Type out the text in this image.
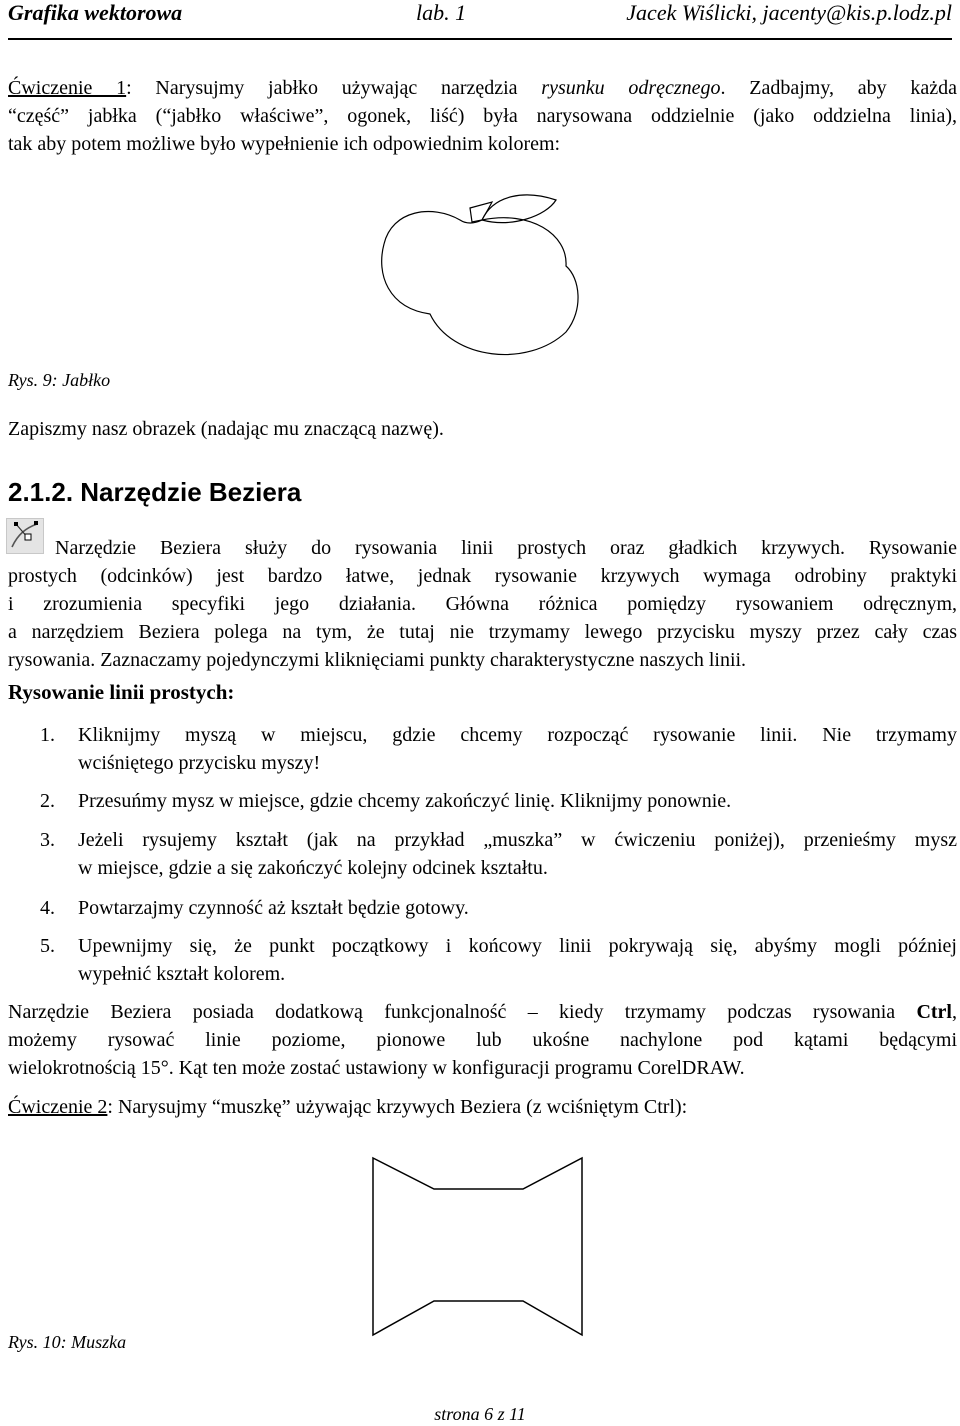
Grafika wektorowa	lab. 1	Jacek Wiślicki, jacenty@kis.p.lodz.pl
Ćwiczenie 1: Narysujmy jabłko używając narzędzia rysunku odręcznego. Zadbajmy, aby każda
“część” jabłka (“jabłko właściwe”, ogonek, liść) była narysowana oddzielnie (jako oddzielna linia),
tak aby potem możliwe było wypełnienie ich odpowiednim kolorem:
Rys. 9: Jabłko
Zapiszmy nasz obrazek (nadając mu znaczącą nazwę).
2.1.2. Narzędzie Beziera
Narzędzie Beziera służy do rysowania linii prostych oraz gładkich krzywych. Rysowanie
prostych (odcinków) jest bardzo łatwe, jednak rysowanie krzywych wymaga odrobiny praktyki
i zrozumienia specyfiki jego działania. Główna różnica pomiędzy rysowaniem odręcznym,
a narzędziem Beziera polega na tym, że tutaj nie trzymamy lewego przycisku myszy przez cały czas
rysowania. Zaznaczamy pojedynczymi kliknięciami punkty charakterystyczne naszych linii.
Rysowanie linii prostych:
1. Kliknijmy myszą w miejscu, gdzie chcemy rozpocząć rysowanie linii. Nie trzymamy
wciśniętego przycisku myszy!
2. Przesuńmy mysz w miejsce, gdzie chcemy zakończyć linię. Kliknijmy ponownie.
3. Jeżeli rysujemy kształt (jak na przykład „muszka” w ćwiczeniu poniżej), przenieśmy mysz
w miejsce, gdzie a się zakończyć kolejny odcinek kształtu.
4. Powtarzajmy czynność aż kształt będzie gotowy.
5. Upewnijmy się, że punkt początkowy i końcowy linii pokrywają się, abyśmy mogli później
wypełnić kształt kolorem.
Narzędzie Beziera posiada dodatkową funkcjonalność – kiedy trzymamy podczas rysowania Ctrl,
możemy rysować linie poziome, pionowe lub ukośne nachylone pod kątami będącymi
wielokrotnością 15°. Kąt ten może zostać ustawiony w konfiguracji programu CorelDRAW.
Ćwiczenie 2: Narysujmy “muszkę” używając krzywych Beziera (z wciśniętym Ctrl):
Rys. 10: Muszka
strona 6 z 11
